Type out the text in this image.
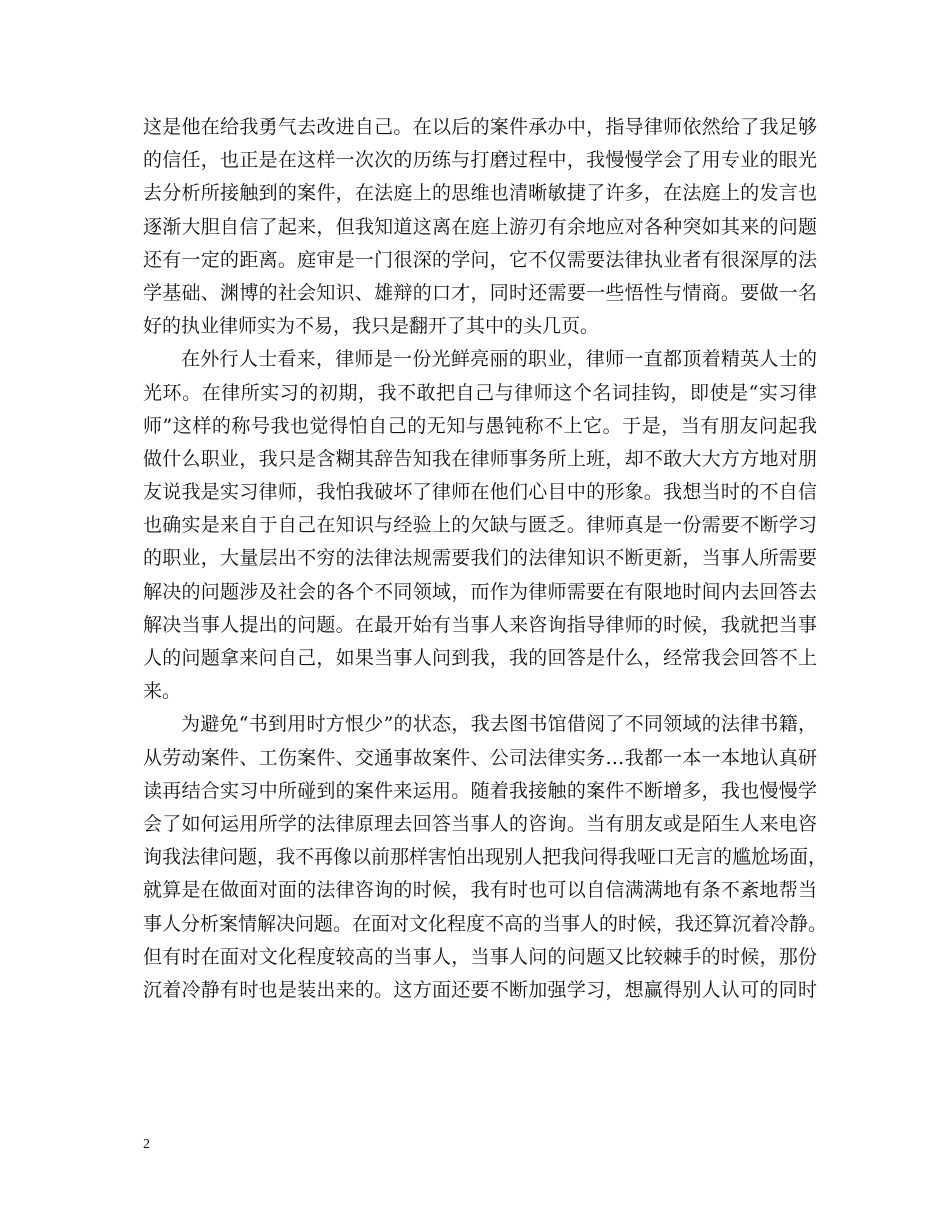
这是他在给我勇气去改进自己。在以后的案件承办中，指导律师依然给了我足够
的信任，也正是在这样一次次的历练与打磨过程中，我慢慢学会了用专业的眼光
去分析所接触到的案件，在法庭上的思维也清晰敏捷了许多，在法庭上的发言也
逐渐大胆自信了起来，但我知道这离在庭上游刃有余地应对各种突如其来的问题
还有一定的距离。庭审是一门很深的学问，它不仅需要法律执业者有很深厚的法
学基础、渊博的社会知识、雄辩的口才，同时还需要一些悟性与情商。要做一名
好的执业律师实为不易，我只是翻开了其中的头几页。
在外行人士看来，律师是一份光鲜亮丽的职业，律师一直都顶着精英人士的
光环。在律所实习的初期，我不敢把自己与律师这个名词挂钩，即使是“实习律
师”这样的称号我也觉得怕自己的无知与愚钝称不上它。于是，当有朋友问起我
做什么职业，我只是含糊其辞告知我在律师事务所上班，却不敢大大方方地对朋
友说我是实习律师，我怕我破坏了律师在他们心目中的形象。我想当时的不自信
也确实是来自于自己在知识与经验上的欠缺与匮乏。律师真是一份需要不断学习
的职业，大量层出不穷的法律法规需要我们的法律知识不断更新，当事人所需要
解决的问题涉及社会的各个不同领域，而作为律师需要在有限地时间内去回答去
解决当事人提出的问题。在最开始有当事人来咨询指导律师的时候，我就把当事
人的问题拿来问自己，如果当事人问到我，我的回答是什么，经常我会回答不上
来。
为避免“书到用时方恨少”的状态，我去图书馆借阅了不同领域的法律书籍，
从劳动案件、工伤案件、交通事故案件、公司法律实务…我都一本一本地认真研
读再结合实习中所碰到的案件来运用。随着我接触的案件不断增多，我也慢慢学
会了如何运用所学的法律原理去回答当事人的咨询。当有朋友或是陌生人来电咨
询我法律问题，我不再像以前那样害怕出现别人把我问得我哑口无言的尴尬场面，
就算是在做面对面的法律咨询的时候，我有时也可以自信满满地有条不紊地帮当
事人分析案情解决问题。在面对文化程度不高的当事人的时候，我还算沉着冷静。
但有时在面对文化程度较高的当事人，当事人问的问题又比较棘手的时候，那份
沉着冷静有时也是装出来的。这方面还要不断加强学习，想赢得别人认可的同时
2
